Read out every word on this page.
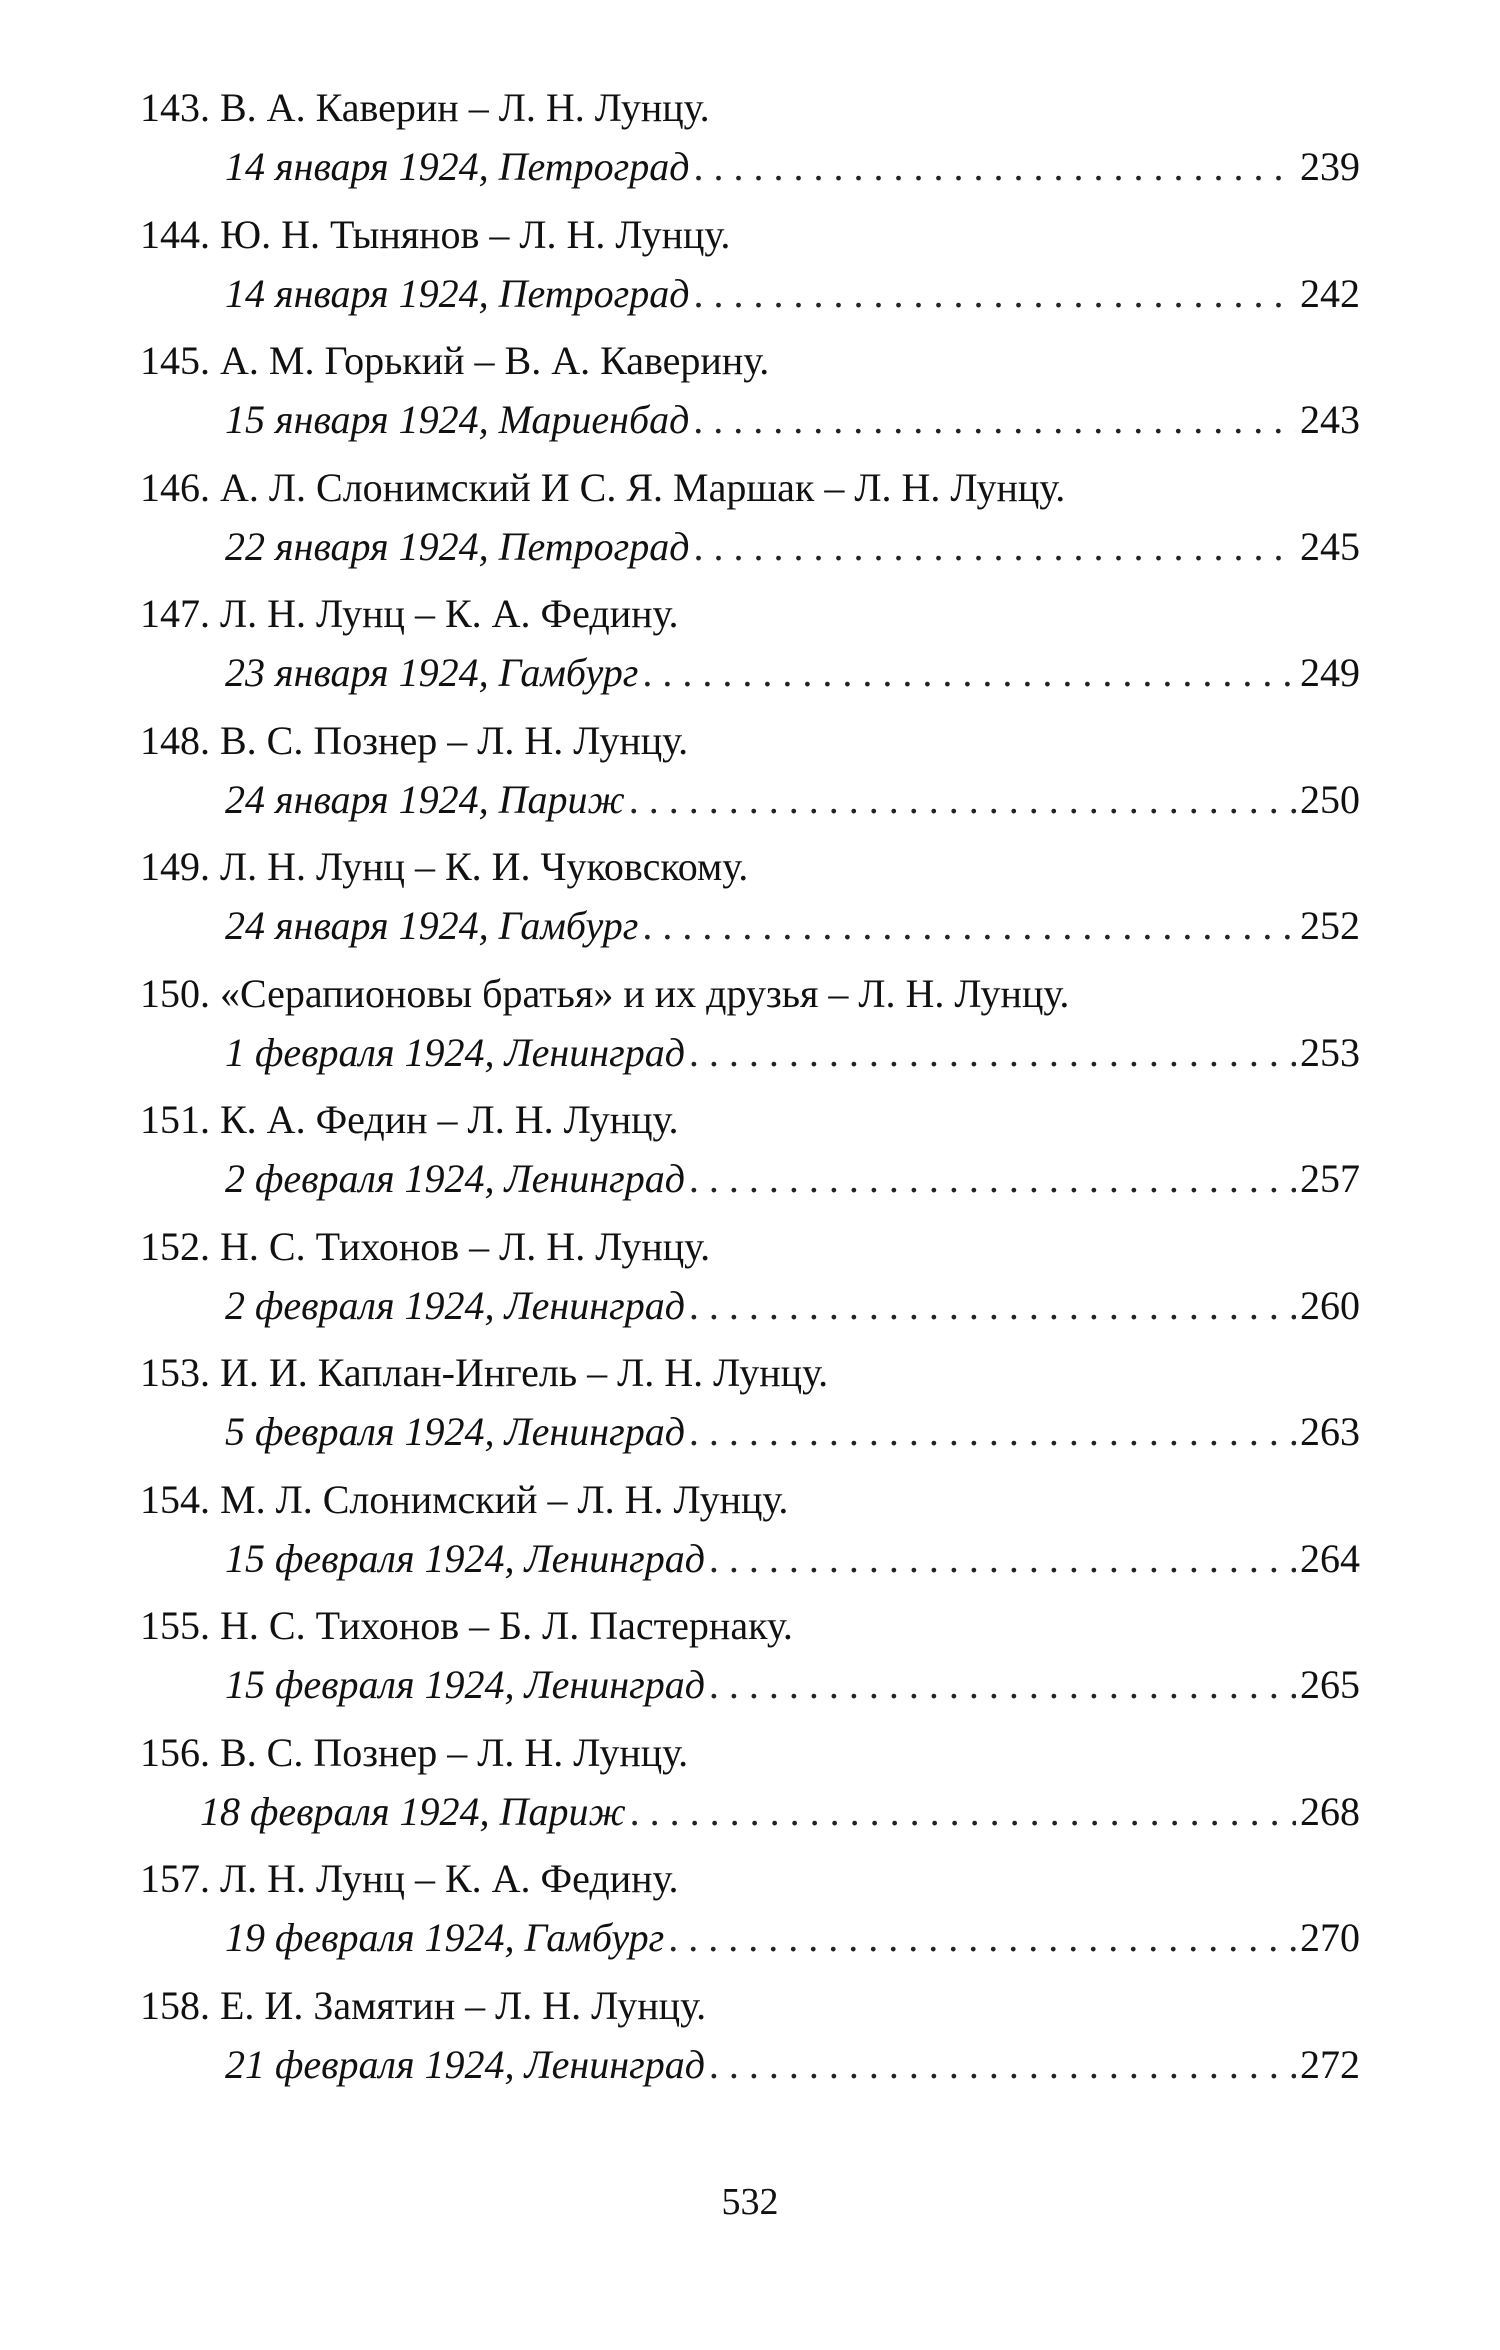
143. В. А. Каверин – Л. Н. Лунцу.
14 января 1924, Петроград . . .	239
144. Ю. Н. Тынянов – Л. Н. Лунцу.
14 января 1924, Петроград . . .	242
145. А. М. Горький – В. А. Каверину.
15 января 1924, Мариенбад . . .	243
146. А. Л. Слонимский И С. Я. Маршак – Л. Н. Лунцу.
22 января 1924, Петроград . . .	245
147. Л. Н. Лунц – К. А. Федину.
23 января 1924, Гамбург . . .	249
148. В. С. Познер – Л. Н. Лунцу.
24 января 1924, Париж . . .	250
149. Л. Н. Лунц – К. И. Чуковскому.
24 января 1924, Гамбург . . .	252
150. «Серапионовы братья» и их друзья – Л. Н. Лунцу.
1 февраля 1924, Ленинград . . .	253
151. К. А. Федин – Л. Н. Лунцу.
2 февраля 1924, Ленинград . . .	257
152. Н. С. Тихонов – Л. Н. Лунцу.
2 февраля 1924, Ленинград . . .	260
153. И. И. Каплан-Ингель – Л. Н. Лунцу.
5 февраля 1924, Ленинград . . .	263
154. М. Л. Слонимский – Л. Н. Лунцу.
15 февраля 1924, Ленинград . . .	264
155. Н. С. Тихонов – Б. Л. Пастернаку.
15 февраля 1924, Ленинград . . .	265
156. В. С. Познер – Л. Н. Лунцу.
18 февраля 1924, Париж . . .	268
157. Л. Н. Лунц – К. А. Федину.
19 февраля 1924, Гамбург . . .	270
158. Е. И. Замятин – Л. Н. Лунцу.
21 февраля 1924, Ленинград . . .	272
532
